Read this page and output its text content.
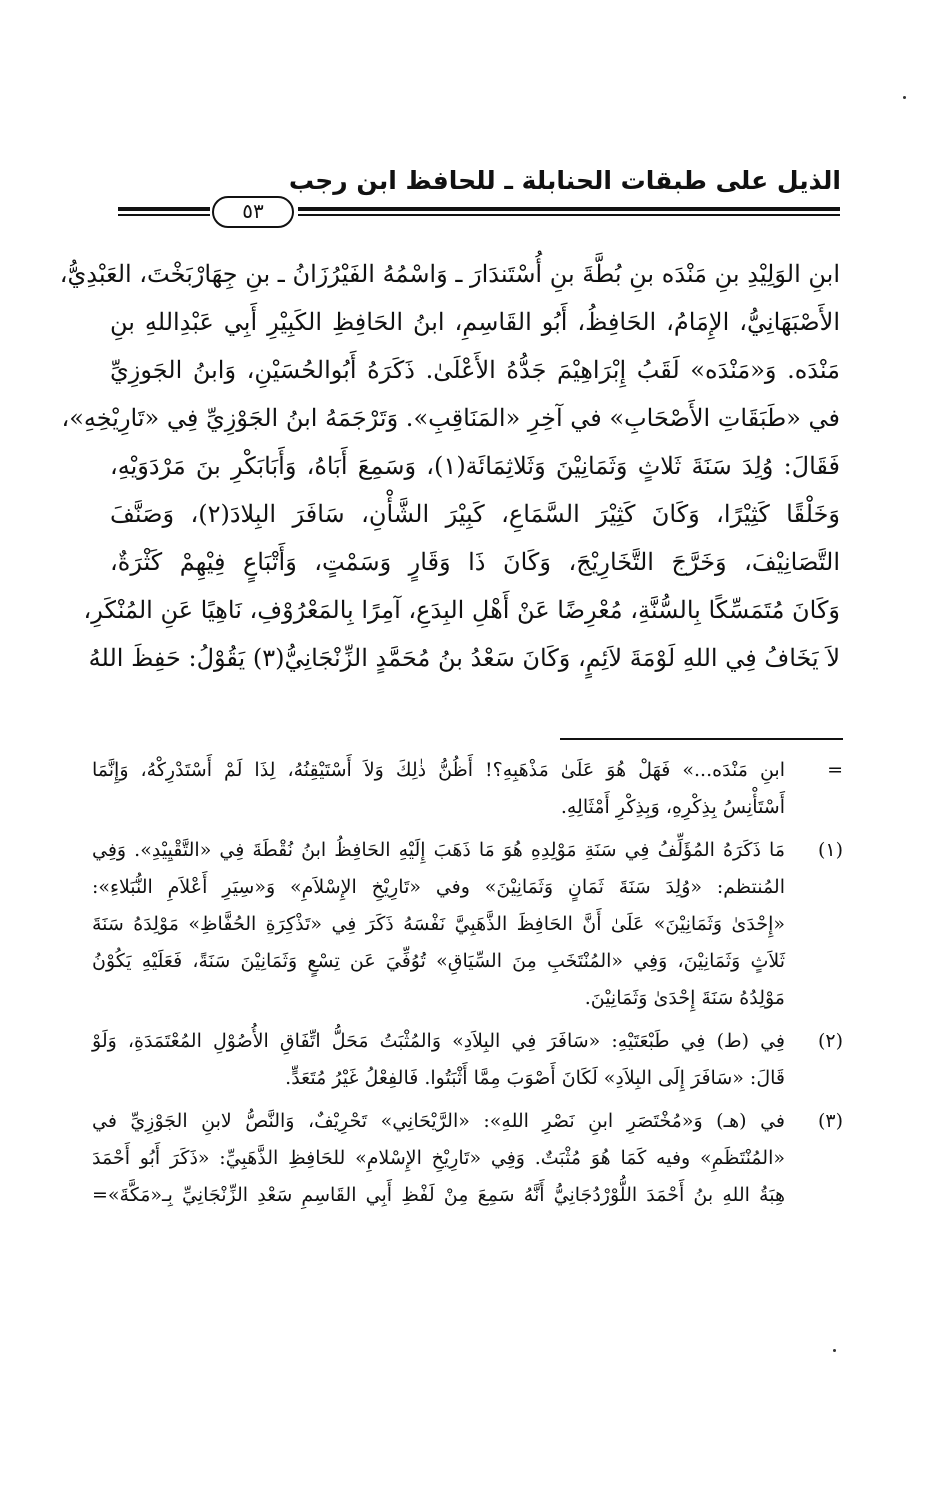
الذيل على طبقات الحنابلة ـ للحافظ ابن رجب
٥٣
ابنِ الوَلِيْدِ بنِ مَنْدَه بنِ بُطَّةَ بنِ أُسْتَندَارَ ـ وَاسْمُهُ الفَيْرُزَانُ ـ بنِ جِهَارْبَخْتَ، العَبْدِيُّ،
الأَصْبَهَانِيُّ، الإِمَامُ، الحَافِظُ، أَبُو القَاسِمِ، ابنُ الحَافِظِ الكَبِيْرِ أَبِي عَبْدِاللهِ بنِ
مَنْدَه. وَ«مَنْدَه» لَقَبُ إِبْرَاهِيْمَ جَدُّهُ الأَعْلَىٰ. ذَكَرَهُ أَبُوالحُسَيْنِ، وَابنُ الجَوزِيِّ
في «طَبَقَاتِ الأَصْحَابِ» في آخِرِ «المَنَاقِبِ». وَتَرْجَمَهُ ابنُ الجَوْزِيِّ فِي «تَارِيْخِهِ»،
فَقَالَ: وُلِدَ سَنَةَ ثَلاثٍ وَثَمَانِيْنَ وَثَلاثِمَائَة(١)، وَسَمِعَ أَبَاهُ، وَأَبَابَكْرِ بنَ مَرْدَوَيْهِ،
وَخَلْقًا كَثِيْرًا، وَكَانَ كَثِيْرَ السَّمَاعِ، كَبِيْرَ الشَّأْنِ، سَافَرَ البِلادَ(٢)، وَصَنَّفَ
التَّصَانِيْفَ، وَخَرَّجَ التَّخَارِيْجَ، وَكَانَ ذَا وَقَارٍ وَسَمْتٍ، وَأَتْبَاعٍ فِيْهِمْ كَثْرَةٌ،
وَكَانَ مُتَمَسِّكًا بِالسُّنَّةِ، مُعْرِضًا عَنْ أَهْلِ البِدَعِ، آمِرًا بِالمَعْرُوْفِ، نَاهِيًا عَنِ المُنْكَرِ،
لاَ يَخَافُ فِي اللهِ لَوْمَةَ لاَئِمٍ، وَكَانَ سَعْدُ بنُ مُحَمَّدٍ الزِّنْجَانِيُّ(٣) يَقُوْلُ: حَفِظَ اللهُ
=
ابنِ مَنْدَه...» فَهَلْ هُوَ عَلَىٰ مَذْهَبِهِ؟! أَظُنُّ ذٰلِكَ وَلاَ أَسْتَيْقِنُهُ، لِذَا لَمْ أَسْتَدْرِكْهُ، وَإِنَّمَا
أَسْتَأْنِسُ بِذِكْرِهِ، وَبِذِكْرِ أَمْثَالِهِ.
(١)
مَا ذَكَرَهُ المُؤَلِّفُ فِي سَنَةِ مَوْلِدِهِ هُوَ مَا ذَهَبَ إِلَيْهِ الحَافِظُ ابنُ نُقْطَةَ فِي «التَّقْيِيْدِ». وَفِي
المُنتظم: «وُلِدَ سَنَةَ ثَمَانٍ وَثَمَانِيْنَ» وفي «تَارِيْخِ الإِسْلاَمِ» وَ«سِيَرِ أَعْلاَمِ النُّبَلاءِ»:
«إِحْدَىٰ وَثَمَانِيْنَ» عَلَىٰ أَنَّ الحَافِظَ الذَّهَبِيَّ نَفْسَهُ ذَكَرَ فِي «تَذْكِرَةِ الحُفَّاظِ» مَوْلِدَهُ سَنَةَ
ثَلاَثٍ وَثَمَانِيْنَ، وَفِي «المُنْتَخَبِ مِنَ السِّيَاقِ» تُوُفِّيَ عَن تِسْعٍ وَثَمَانِيْنَ سَنَةً، فَعَلَيْهِ يَكُوْنُ
مَوْلِدُهُ سَنَةَ إِحْدَىٰ وَثَمَانِيْنَ.
(٢)
فِي (ط) فِي طَبْعَتَيْهِ: «سَافَرَ فِي البِلاَدِ» وَالمُثْبَتُ مَحَلُّ اتِّفَاقِ الأُصُوْلِ المُعْتَمَدَةِ، وَلَوْ
قَالَ: «سَافَرَ إِلَى البِلاَدِ» لَكَانَ أَصْوَبَ مِمَّا أَثْبَتُوا. فَالفِعْلُ غَيْرُ مُتَعَدٍّ.
(٣)
في (هـ) وَ«مُخْتَصَرِ ابنِ نَصْرِ اللهِ»: «الرَّيْحَانِي» تَحْرِيْفٌ، وَالنَّصُّ لابنِ الجَوْزِيِّ في
«المُنْتَظَمِ» وفيه كَمَا هُوَ مُثْبَتٌ. وَفِي «تَارِيْخِ الإِسْلامِ» للحَافِظِ الذَّهَبِيِّ: «ذَكَرَ أَبُو أَحْمَدَ
هِبَةُ اللهِ بنُ أَحْمَدَ اللُّوْرْدُجَانِيُّ أَنَّهُ سَمِعَ مِنْ لَفْظِ أَبِي القَاسِمِ سَعْدِ الزِّنْجَانِيِّ بِـ«مَكَّةَ»
=
